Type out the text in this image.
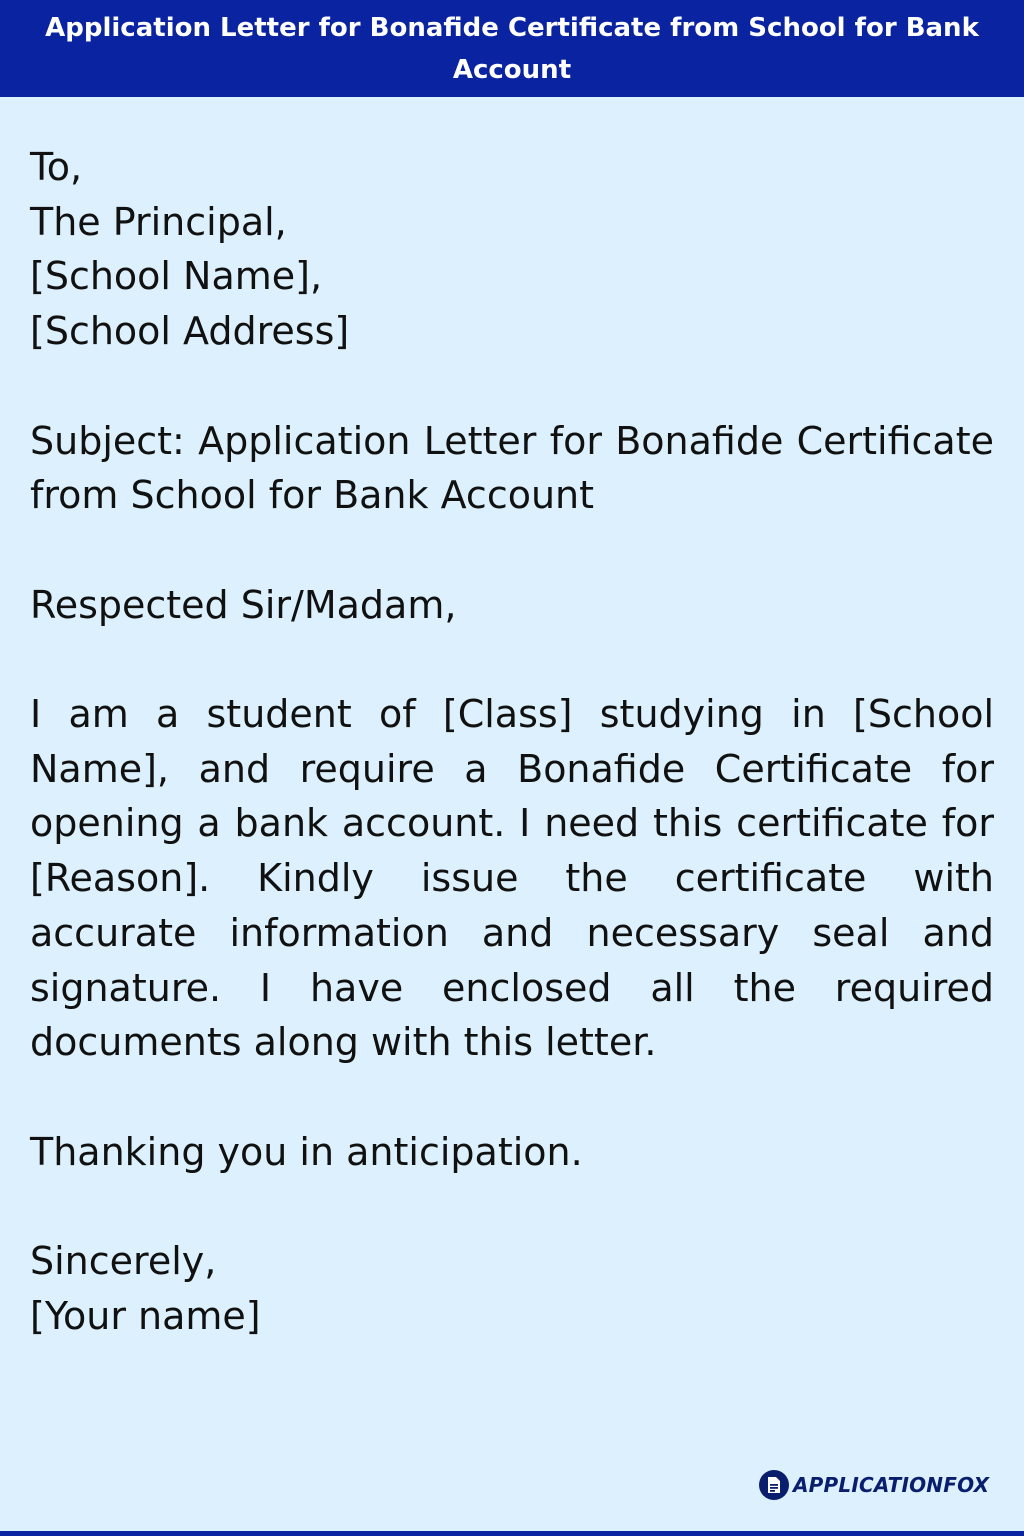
Application Letter for Bonafide Certificate from School for Bank Account

To,

The Principal,

[School Name],

[School Address]

Subject: Application Letter for Bonafide Certificate from School for Bank Account

Respected Sir/Madam,

I am a student of [Class] studying in [School Name], and require a Bonafide Certificate for opening a bank account. I need this certificate for [Reason]. Kindly issue the certificate with accurate information and necessary seal and signature. I have enclosed all the required documents along with this letter.

Thanking you in anticipation.

Sincerely,

[Your name]

APPLICATIONFOX
